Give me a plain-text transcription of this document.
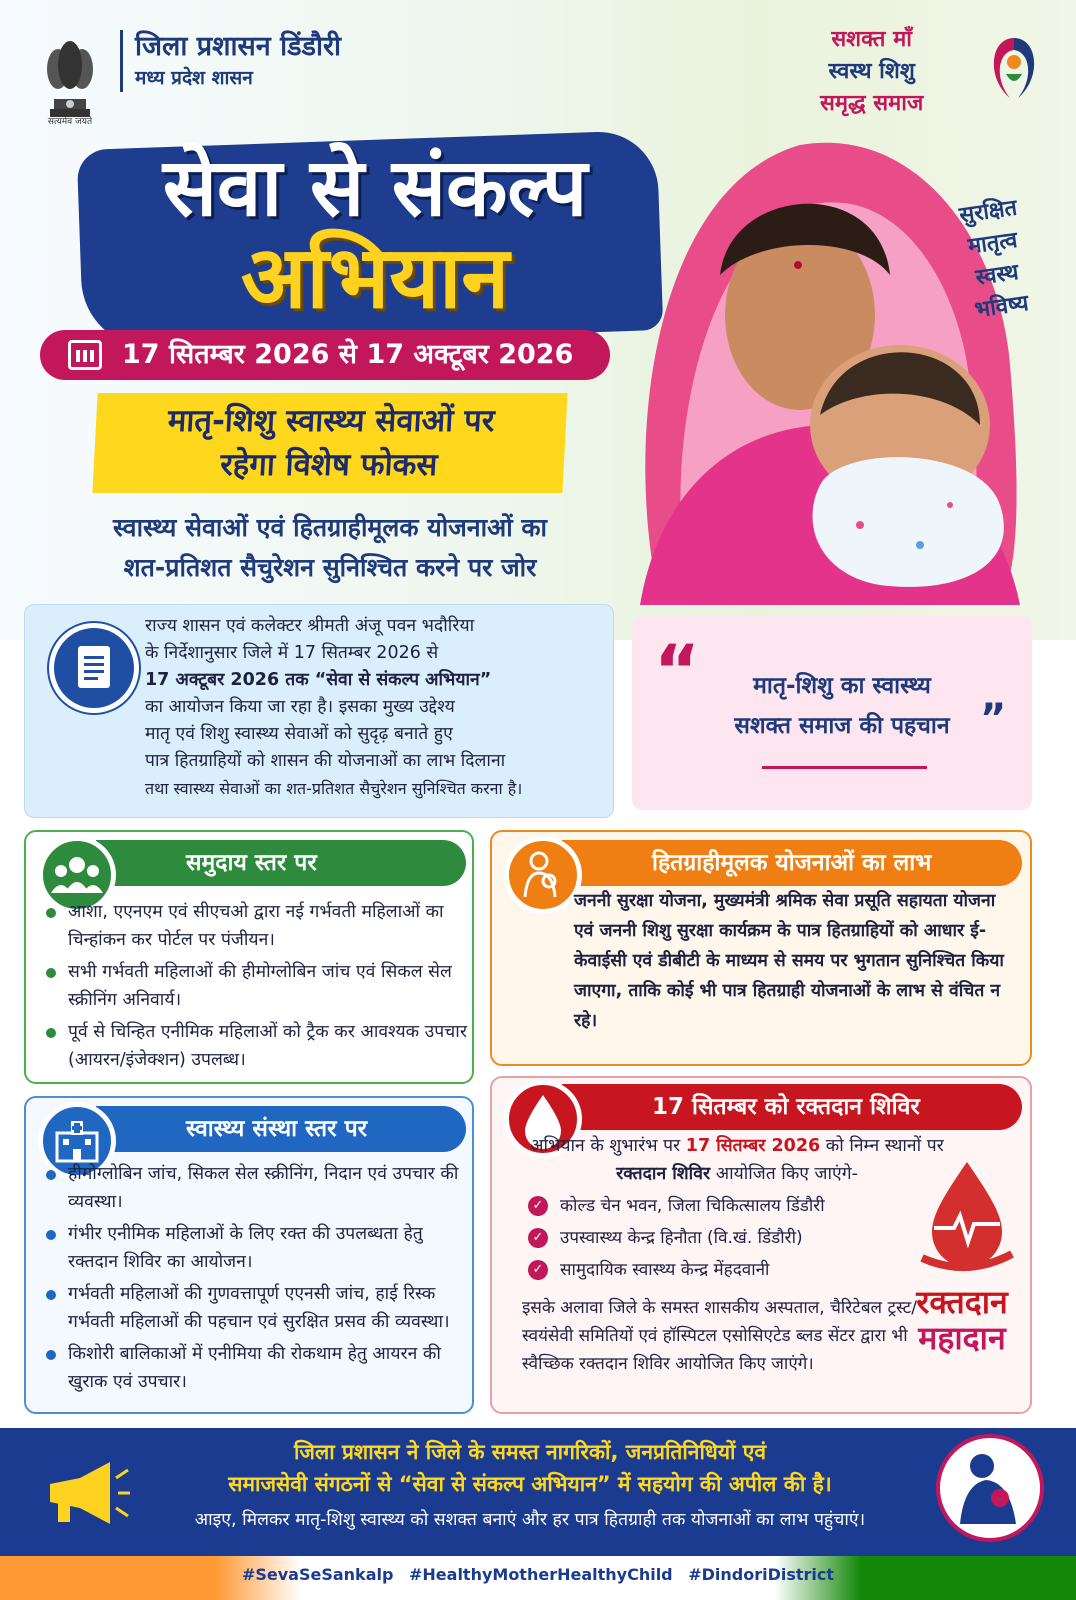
सत्यमेव जयते
जिला प्रशासन डिंडौरी
मध्य प्रदेश शासन
सशक्त माँ
स्वस्थ शिशु
समृद्ध समाज
सेवा से संकल्प
अभियान
17 सितम्बर 2026 से 17 अक्टूबर 2026
मातृ-शिशु स्वास्थ्य सेवाओं पर
रहेगा विशेष फोकस
स्वास्थ्य सेवाओं एवं हितग्राहीमूलक योजनाओं का
शत-प्रतिशत सैचुरेशन सुनिश्चित करने पर जोर
सुरक्षित
मातृत्व
स्वस्थ
भविष्य
राज्य शासन एवं कलेक्टर श्रीमती अंजू पवन भदौरिया
के निर्देशानुसार जिले में 17 सितम्बर 2026 से
17 अक्टूबर 2026 तक “सेवा से संकल्प अभियान”
का आयोजन किया जा रहा है। इसका मुख्य उद्देश्य
मातृ एवं शिशु स्वास्थ्य सेवाओं को सुदृढ़ बनाते हुए
पात्र हितग्राहियों को शासन की योजनाओं का लाभ दिलाना
तथा स्वास्थ्य सेवाओं का शत-प्रतिशत सैचुरेशन सुनिश्चित करना है।
“	मातृ-शिशु का स्वास्थ्य
सशक्त समाज की पहचान ”
समुदाय स्तर पर
आशा, एएनएम एवं सीएचओ द्वारा नई गर्भवती महिलाओं का चिन्हांकन कर पोर्टल पर पंजीयन।
सभी गर्भवती महिलाओं की हीमोग्लोबिन जांच एवं सिकल सेल स्क्रीनिंग अनिवार्य।
पूर्व से चिन्हित एनीमिक महिलाओं को ट्रैक कर आवश्यक उपचार (आयरन/इंजेक्शन) उपलब्ध।
हितग्राहीमूलक योजनाओं का लाभ
जननी सुरक्षा योजना, मुख्यमंत्री श्रमिक सेवा प्रसूति सहायता योजना एवं जननी शिशु सुरक्षा कार्यक्रम के पात्र हितग्राहियों को आधार ई-केवाईसी एवं डीबीटी के माध्यम से समय पर भुगतान सुनिश्चित किया जाएगा, ताकि कोई भी पात्र हितग्राही योजनाओं के लाभ से वंचित न रहे।
स्वास्थ्य संस्था स्तर पर
हीमोग्लोबिन जांच, सिकल सेल स्क्रीनिंग, निदान एवं उपचार की व्यवस्था।
गंभीर एनीमिक महिलाओं के लिए रक्त की उपलब्धता हेतु रक्तदान शिविर का आयोजन।
गर्भवती महिलाओं की गुणवत्तापूर्ण एएनसी जांच, हाई रिस्क गर्भवती महिलाओं की पहचान एवं सुरक्षित प्रसव की व्यवस्था।
किशोरी बालिकाओं में एनीमिया की रोकथाम हेतु आयरन की खुराक एवं उपचार।
17 सितम्बर को रक्तदान शिविर
अभियान के शुभारंभ पर 17 सितम्बर 2026 को निम्न स्थानों पर रक्तदान शिविर आयोजित किए जाएंगे-
✓ कोल्ड चेन भवन, जिला चिकित्सालय डिंडौरी
✓ उपस्वास्थ्य केन्द्र हिनौता (वि.खं. डिंडौरी)
✓ सामुदायिक स्वास्थ्य केन्द्र मेंहदवानी
इसके अलावा जिले के समस्त शासकीय अस्पताल, चैरिटेबल ट्रस्ट/स्वयंसेवी समितियों एवं हॉस्पिटल एसोसिएटेड ब्लड सेंटर द्वारा भी स्वैच्छिक रक्तदान शिविर आयोजित किए जाएंगे।
रक्तदान
महादान
जिला प्रशासन ने जिले के समस्त नागरिकों, जनप्रतिनिधियों एवं
समाजसेवी संगठनों से “सेवा से संकल्प अभियान” में सहयोग की अपील की है।
आइए, मिलकर मातृ-शिशु स्वास्थ्य को सशक्त बनाएं और हर पात्र हितग्राही तक योजनाओं का लाभ पहुंचाएं।
#SevaSeSankalp #HealthyMotherHealthyChild #DindoriDistrict
